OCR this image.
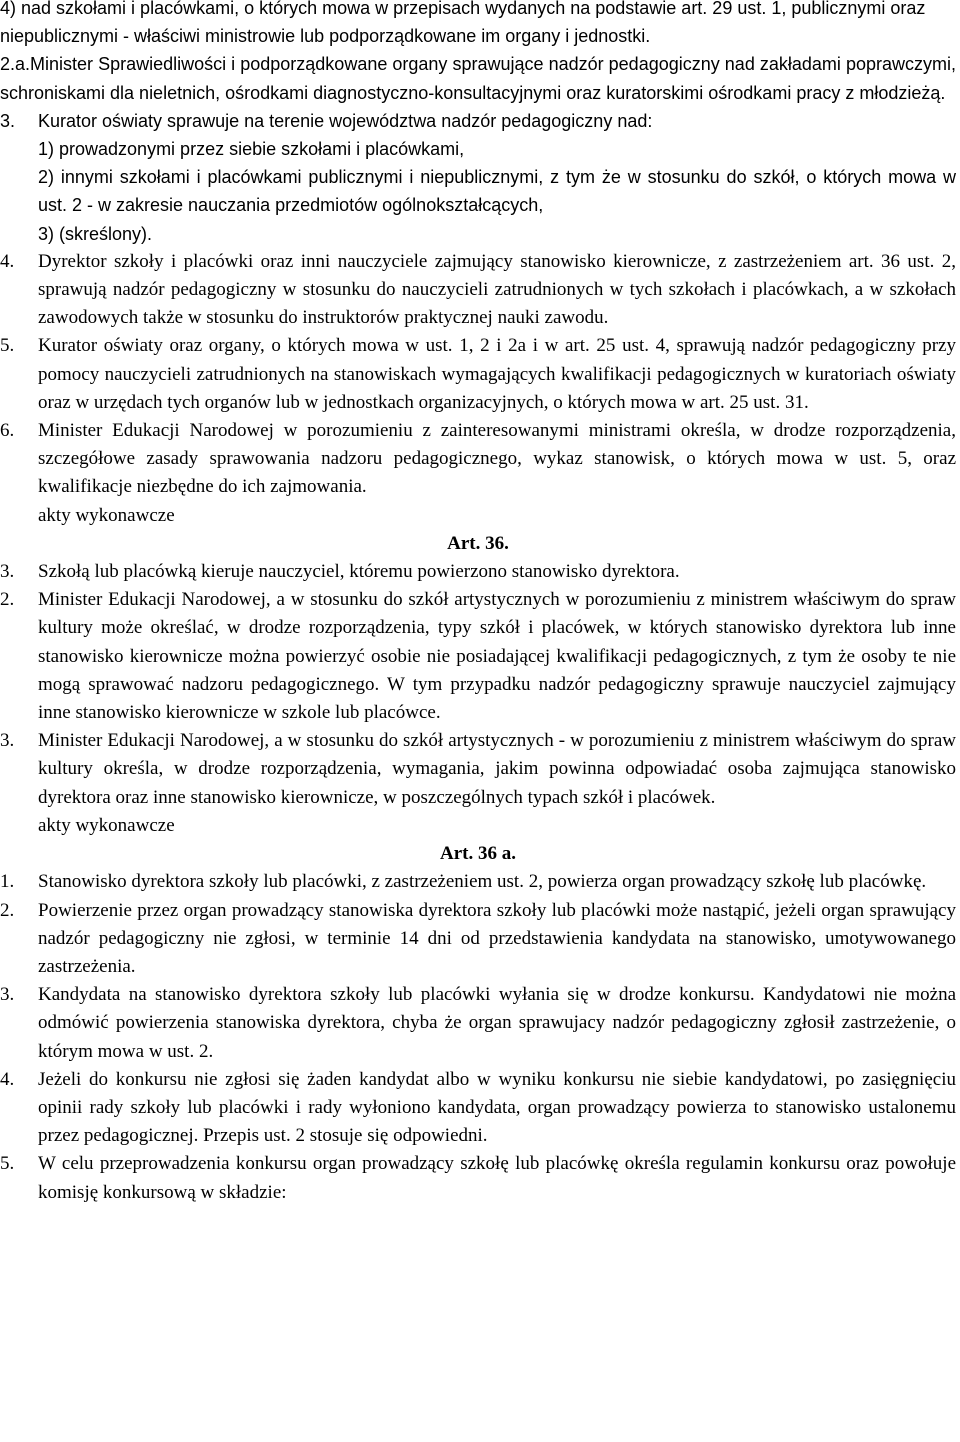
4) nad szkołami i placówkami, o których mowa w przepisach wydanych na podstawie art. 29 ust. 1, publicznymi oraz niepublicznymi - właściwi ministrowie lub podporządkowane im organy i jednostki.
2.a.Minister Sprawiedliwości i podporządkowane organy sprawujące nadzór pedagogiczny nad zakładami poprawczymi, schroniskami dla nieletnich, ośrodkami diagnostyczno-konsultacyjnymi oraz kuratorskimi ośrodkami pracy z młodzieżą.
3. Kurator oświaty sprawuje na terenie województwa nadzór pedagogiczny nad:
1) prowadzonymi przez siebie szkołami i placówkami,
2) innymi szkołami i placówkami publicznymi i niepublicznymi, z tym że w stosunku do szkół, o których mowa w ust. 2 - w zakresie nauczania przedmiotów ogólnokształcących,
3) (skreślony).
4. Dyrektor szkoły i placówki oraz inni nauczyciele zajmujący stanowisko kierownicze, z zastrzeżeniem art. 36 ust. 2, sprawują nadzór pedagogiczny w stosunku do nauczycieli zatrudnionych w tych szkołach i placówkach, a w szkołach zawodowych także w stosunku do instruktorów praktycznej nauki zawodu.
5. Kurator oświaty oraz organy, o których mowa w ust. 1, 2 i 2a i w art. 25 ust. 4, sprawują nadzór pedagogiczny przy pomocy nauczycieli zatrudnionych na stanowiskach wymagających kwalifikacji pedagogicznych w kuratoriach oświaty oraz w urzędach tych organów lub w jednostkach organizacyjnych, o których mowa w art. 25 ust. 31.
6. Minister Edukacji Narodowej w porozumieniu z zainteresowanymi ministrami określa, w drodze rozporządzenia, szczegółowe zasady sprawowania nadzoru pedagogicznego, wykaz stanowisk, o których mowa w ust. 5, oraz kwalifikacje niezbędne do ich zajmowania.
akty wykonawcze
Art. 36.
3. Szkołą lub placówką kieruje nauczyciel, któremu powierzono stanowisko dyrektora.
2. Minister Edukacji Narodowej, a w stosunku do szkół artystycznych w porozumieniu z ministrem właściwym do spraw kultury może określać, w drodze rozporządzenia, typy szkół i placówek, w których stanowisko dyrektora lub inne stanowisko kierownicze można powierzyć osobie nie posiadającej kwalifikacji pedagogicznych, z tym że osoby te nie mogą sprawować nadzoru pedagogicznego. W tym przypadku nadzór pedagogiczny sprawuje nauczyciel zajmujący inne stanowisko kierownicze w szkole lub placówce.
3. Minister Edukacji Narodowej, a w stosunku do szkół artystycznych - w porozumieniu z ministrem właściwym do spraw kultury określa, w drodze rozporządzenia, wymagania, jakim powinna odpowiadać osoba zajmująca stanowisko dyrektora oraz inne stanowisko kierownicze, w poszczególnych typach szkół i placówek.
akty wykonawcze
Art. 36 a.
1. Stanowisko dyrektora szkoły lub placówki, z zastrzeżeniem ust. 2, powierza organ prowadzący szkołę lub placówkę.
2. Powierzenie przez organ prowadzący stanowiska dyrektora szkoły lub placówki może nastąpić, jeżeli organ sprawujący nadzór pedagogiczny nie zgłosi, w terminie 14 dni od przedstawienia kandydata na stanowisko, umotywowanego zastrzeżenia.
3. Kandydata na stanowisko dyrektora szkoły lub placówki wyłania się w drodze konkursu. Kandydatowi nie można odmówić powierzenia stanowiska dyrektora, chyba że organ sprawujacy nadzór pedagogiczny zgłosił zastrzeżenie, o którym mowa w ust. 2.
4. Jeżeli do konkursu nie zgłosi się żaden kandydat albo w wyniku konkursu nie siebie kandydatowi, po zasięgnięciu opinii rady szkoły lub placówki i rady wyłoniono kandydata, organ prowadzący powierza to stanowisko ustalonemu przez pedagogicznej. Przepis ust. 2 stosuje się odpowiedni.
5. W celu przeprowadzenia konkursu organ prowadzący szkołę lub placówkę określa regulamin konkursu oraz powołuje komisję konkursową w składzie:
